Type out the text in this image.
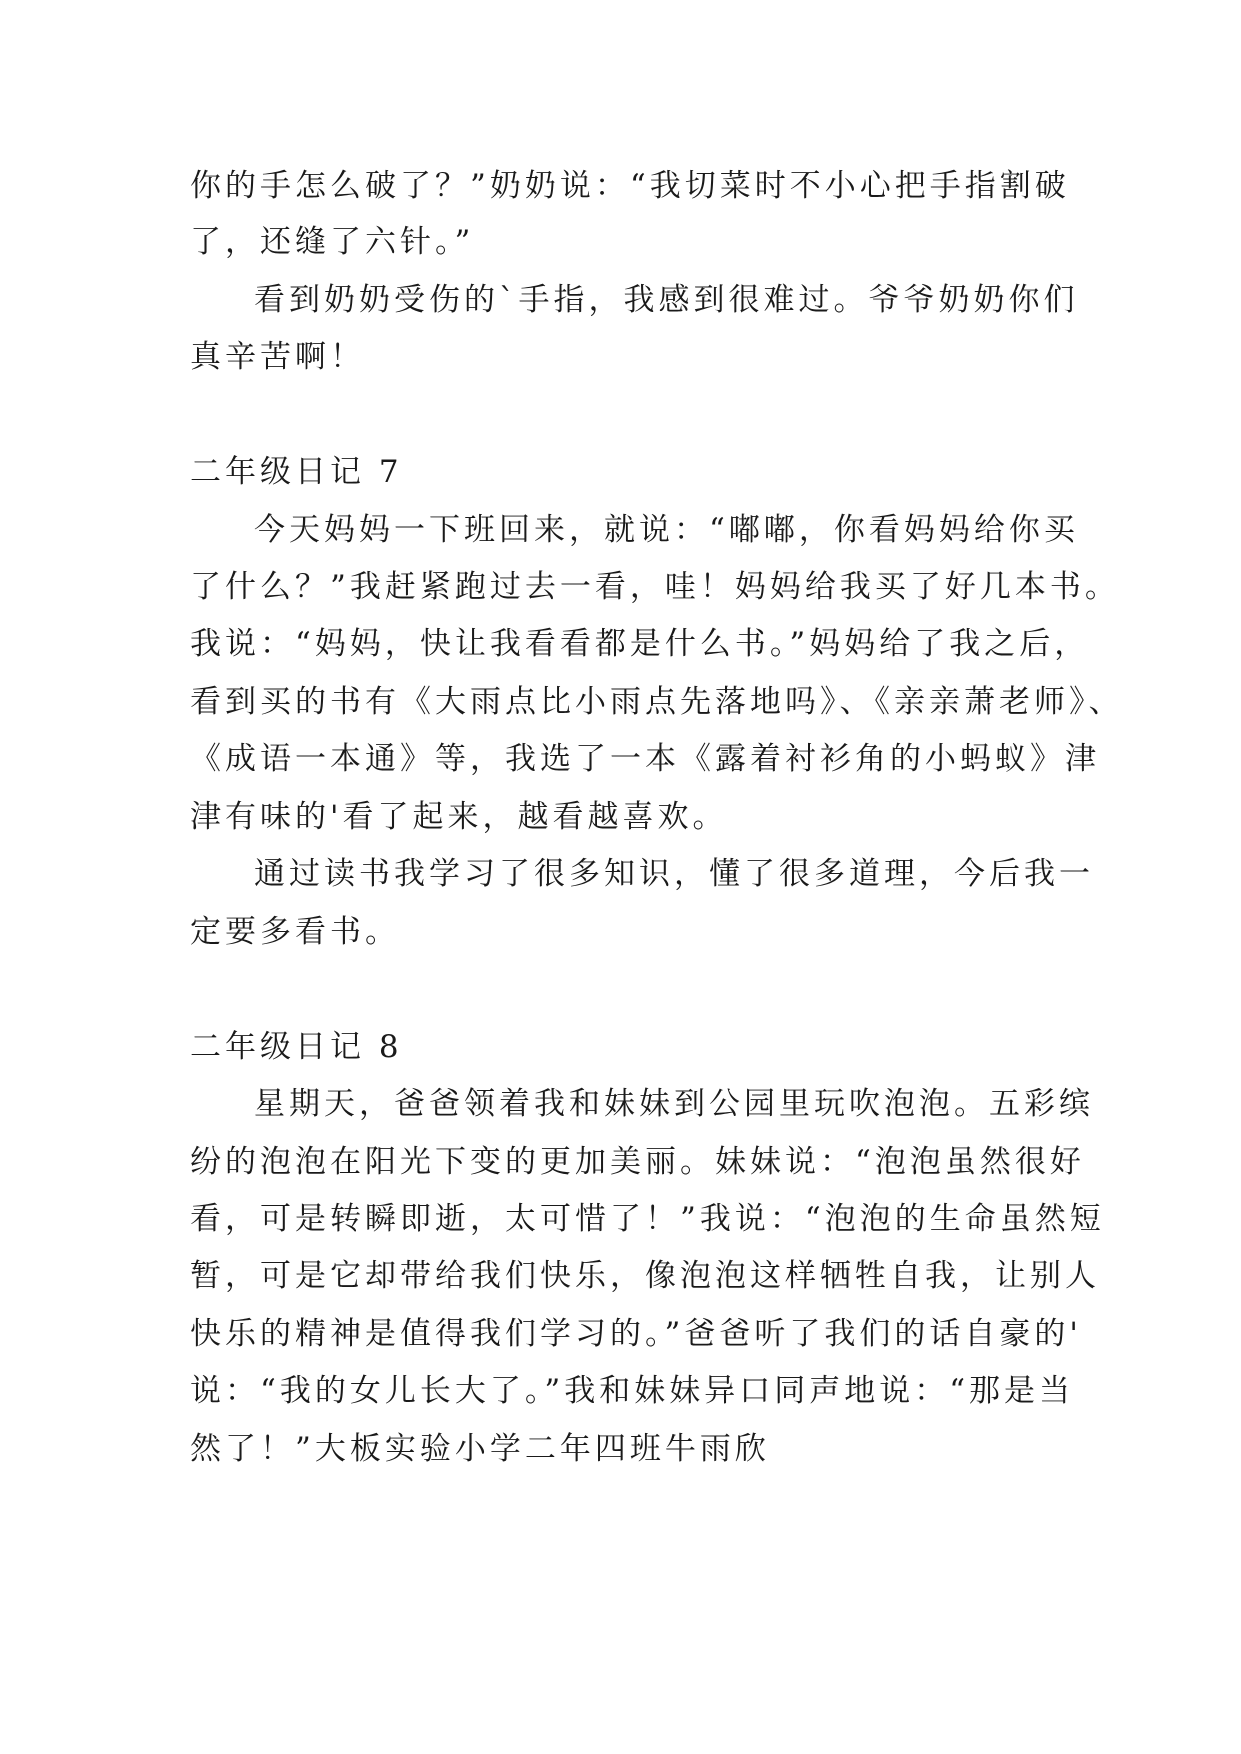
你的手怎么破了？”奶奶说：“我切菜时不小心把手指割破
了，还缝了六针。”
看到奶奶受伤的`手指，我感到很难过。爷爷奶奶你们
真辛苦啊！
二年级日记 7
今天妈妈一下班回来，就说：“嘟嘟，你看妈妈给你买
了什么？”我赶紧跑过去一看，哇！妈妈给我买了好几本书。
我说：“妈妈，快让我看看都是什么书。”妈妈给了我之后，
看到买的书有《大雨点比小雨点先落地吗》、《亲亲萧老师》、
《成语一本通》等，我选了一本《露着衬衫角的小蚂蚁》津
津有味的'看了起来，越看越喜欢。
通过读书我学习了很多知识，懂了很多道理，今后我一
定要多看书。
二年级日记 8
星期天，爸爸领着我和妹妹到公园里玩吹泡泡。五彩缤
纷的泡泡在阳光下变的更加美丽。妹妹说：“泡泡虽然很好
看，可是转瞬即逝，太可惜了！”我说：“泡泡的生命虽然短
暂，可是它却带给我们快乐，像泡泡这样牺牲自我，让别人
快乐的精神是值得我们学习的。”爸爸听了我们的话自豪的'
说：“我的女儿长大了。”我和妹妹异口同声地说：“那是当
然了！”大板实验小学二年四班牛雨欣
